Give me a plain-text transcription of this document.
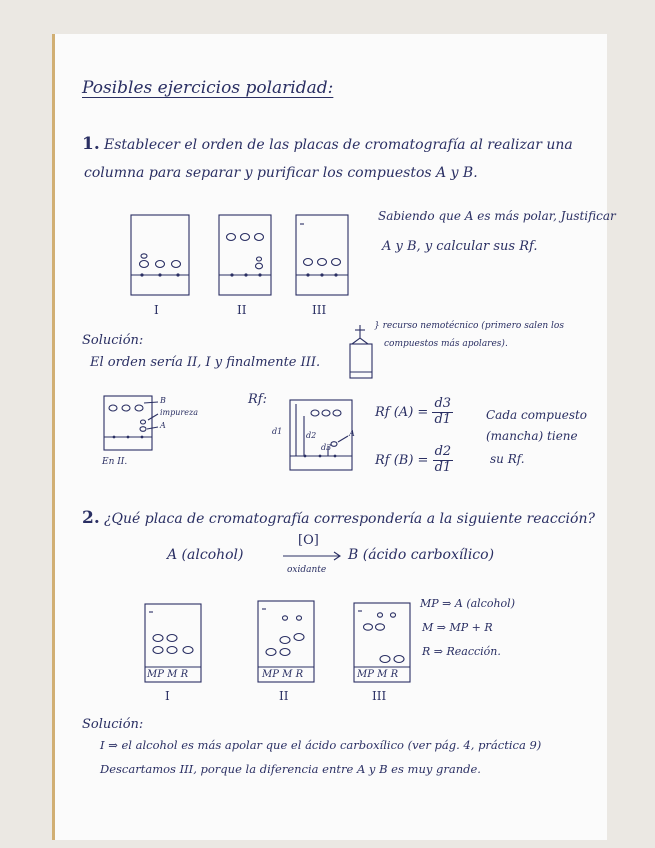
Posibles ejercicios polaridad:
1. Establecer el orden de las placas de cromatografía al realizar una
columna para separar y purificar los compuestos A y B.
Sabiendo que A es más polar, Justificar
A y B, y calcular sus Rf.
I	II	III
Solución:
El orden sería II, I y finalmente III.
} recurso nemotécnico (primero salen los
compuestos más apolares).
B
impureza
A
En II.
Rf:
d1	d2
d3
A
Rf $(A) = \frac{d3}{d1}$
Rf $(B) = \frac{d2}{d1}$
Cada compuesto
(mancha) tiene
su Rf.
2. ¿Qué placa de cromatografía correspondería a la siguiente reacción?
A (alcohol)
[O]
oxidante
B (ácido carboxílico)
MP M R	MP M R	MP M R
I	II	III
MP ⇒ A (alcohol)
M ⇒ MP + R
R ⇒ Reacción.
Solución:
I ⇒ el alcohol es más apolar que el ácido carboxílico (ver pág. 4, práctica 9)
Descartamos III, porque la diferencia entre A y B es muy grande.
